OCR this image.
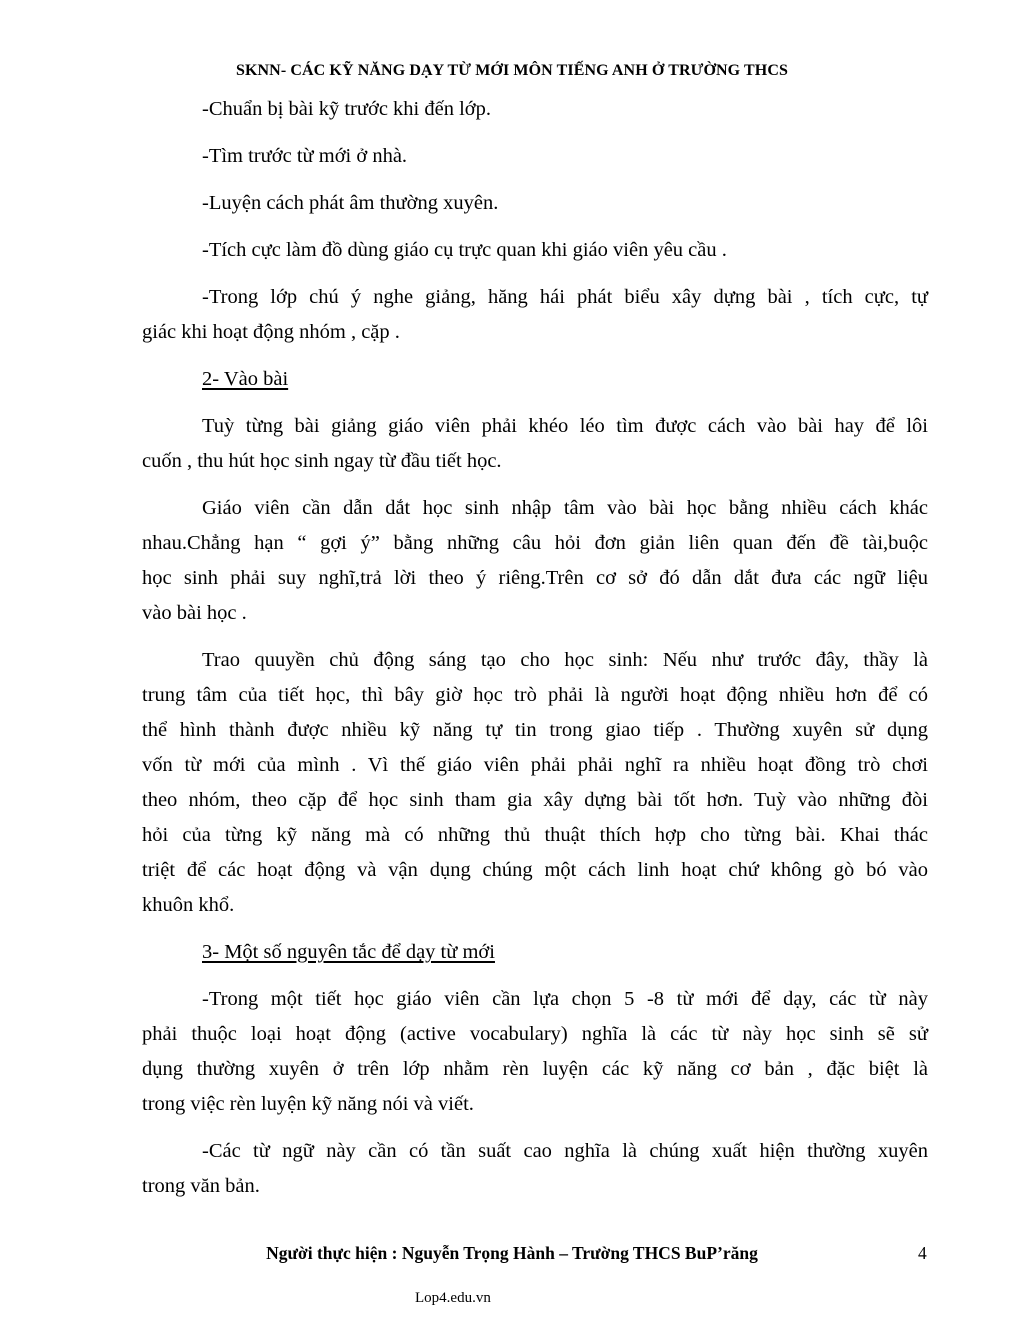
SKNN- CÁC KỸ NĂNG DẠY TỪ MỚI MÔN TIẾNG ANH Ở TRƯỜNG THCS
-Chuẩn bị bài kỹ trước khi đến lớp.
-Tìm trước từ mới ở nhà.
-Luyện cách phát âm thường xuyên.
-Tích cực làm đồ dùng giáo cụ trực quan khi giáo viên yêu cầu .
-Trong lớp chú ý nghe giảng, hăng hái phát biểu xây dựng bài , tích cực, tự
giác khi hoạt động nhóm , cặp .
2- Vào bài
Tuỳ từng bài giảng giáo viên phải khéo léo tìm được cách vào bài hay để lôi
cuốn , thu hút học sinh ngay từ đầu tiết học.
Giáo viên cần dẫn dắt học sinh nhập tâm vào bài học bằng nhiều cách khác
nhau.Chẳng hạn “ gợi ý” bằng những câu hỏi đơn giản liên quan đến đề tài,buộc
học sinh phải suy nghĩ,trả lời theo ý riêng.Trên cơ sở đó dẫn dắt đưa các ngữ liệu
vào bài học .
Trao quuyền chủ động sáng tạo cho học sinh: Nếu như trước đây, thầy là
trung tâm của tiết học, thì bây giờ học trò phải là người hoạt động nhiều hơn để có
thể hình thành được nhiều kỹ năng tự tin trong giao tiếp . Thường xuyên sử dụng
vốn từ mới của mình . Vì thế giáo viên phải phải nghĩ ra nhiều hoạt đồng trò chơi
theo nhóm, theo cặp để học sinh tham gia xây dựng bài tốt hơn. Tuỳ vào những đòi
hỏi của từng kỹ năng mà có những thủ thuật thích hợp cho từng bài. Khai thác
triệt để các hoạt động và vận dụng chúng một cách linh hoạt chứ không gò bó vào
khuôn khổ.
3- Một số nguyên tắc để dạy từ mới
-Trong một tiết học giáo viên cần lựa chọn 5 -8 từ mới để dạy, các từ này
phải thuộc loại hoạt động (active vocabulary) nghĩa là các từ này học sinh sẽ sử
dụng thường xuyên ở trên lớp nhằm rèn luyện các kỹ năng cơ bản , đặc biệt là
trong việc rèn luyện kỹ năng nói và viết.
-Các từ ngữ này cần có tần suất cao nghĩa là chúng xuất hiện thường xuyên
trong văn bản.
Người thực hiện : Nguyễn Trọng Hành – Trường THCS BuP’răng	4
Lop4.edu.vn
